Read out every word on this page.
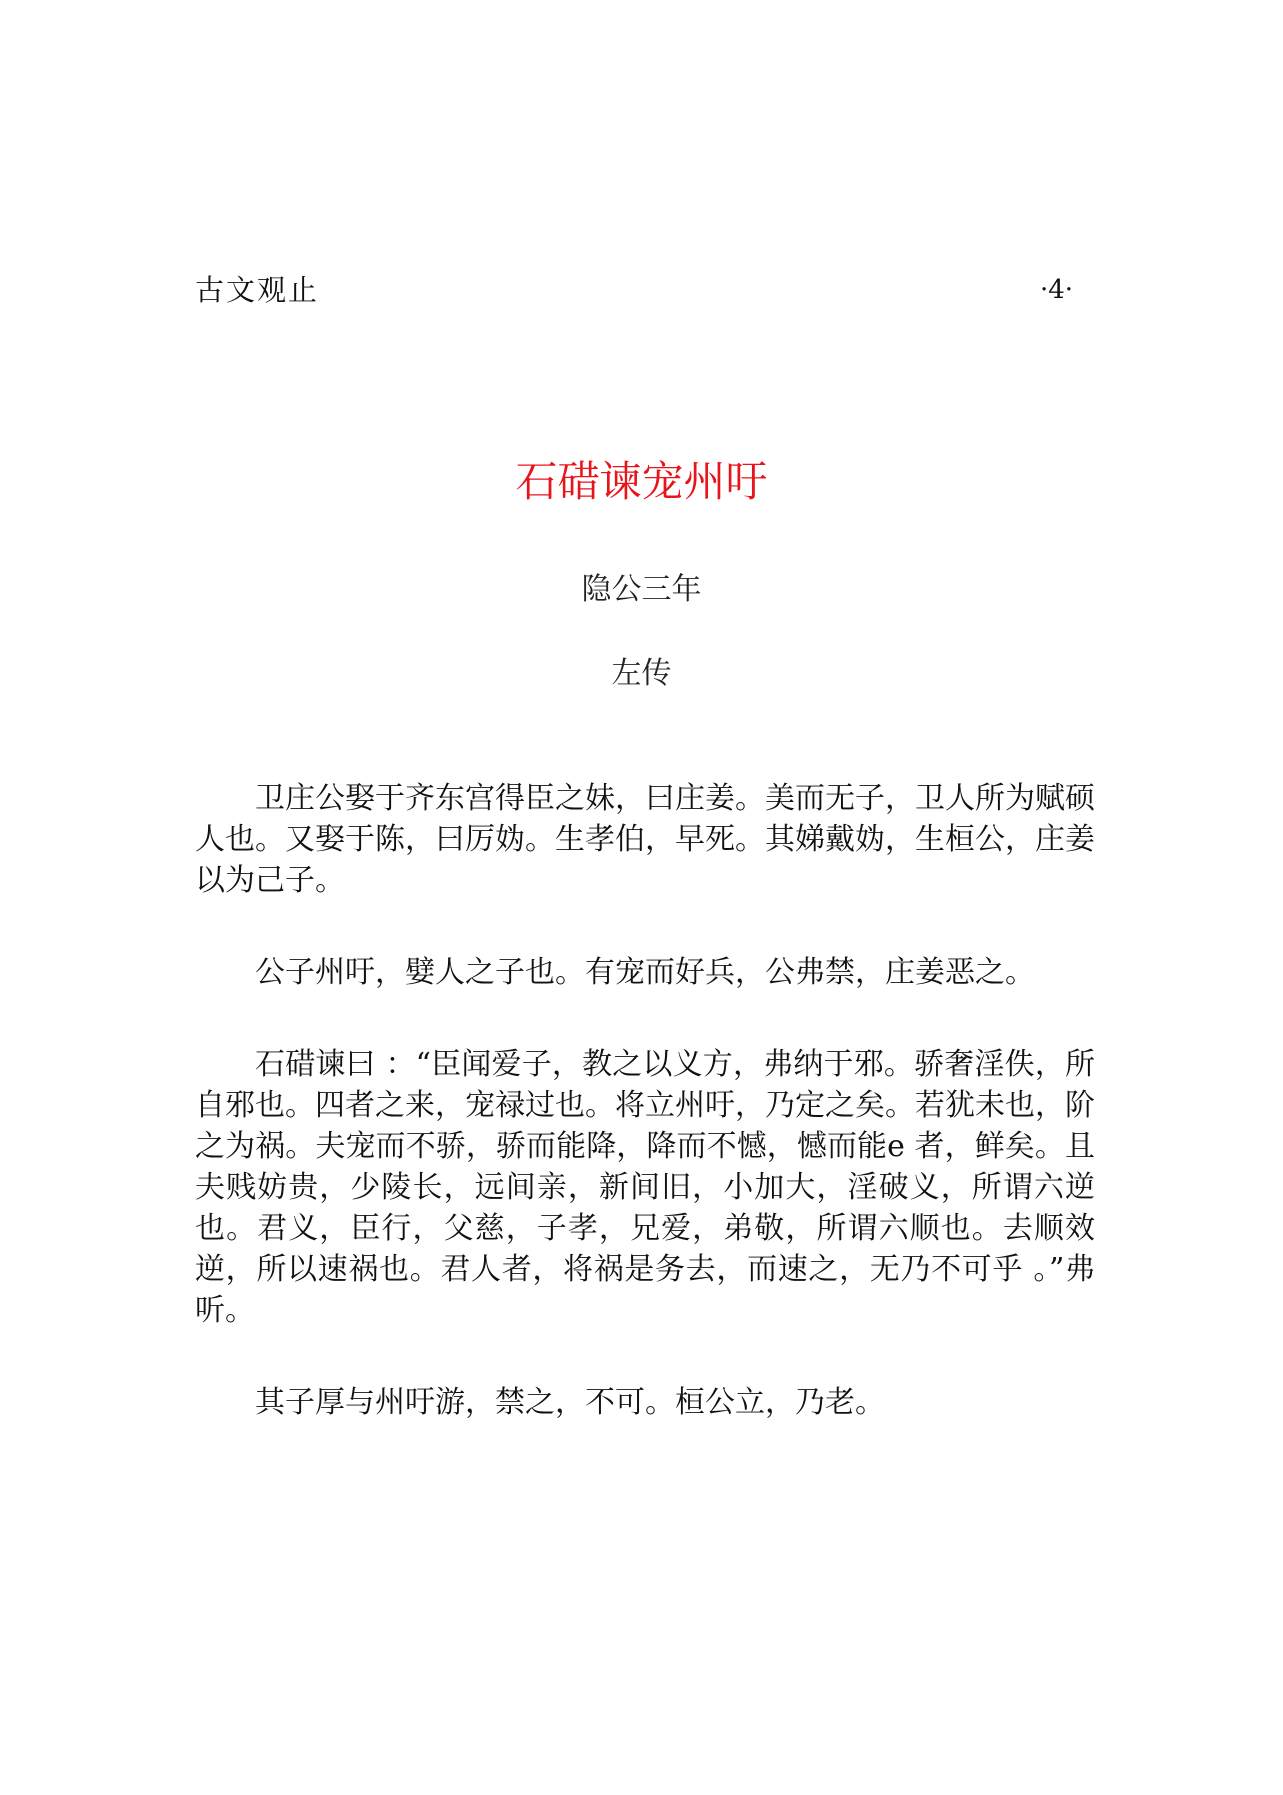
古文观止	·4·
石碏谏宠州吁
隐公三年
左传

卫庄公娶于齐东宫得臣之妹，曰庄姜。美而无子，卫人所为赋硕人也。又娶于陈，曰厉妫。生孝伯，早死。其娣戴妫，生桓公，庄姜以为己子。

公子州吁，嬖人之子也。有宠而好兵，公弗禁，庄姜恶之。

石碏谏曰 ：“臣闻爱子，教之以义方，弗纳于邪。骄奢淫佚，所自邪也。四者之来，宠禄过也。将立州吁，乃定之矣。若犹未也，阶之为祸。夫宠而不骄，骄而能降，降而不憾，憾而能e 者，鲜矣。且夫贱妨贵，少陵长，远间亲，新间旧，小加大，淫破义，所谓六逆也。君义，臣行，父慈，子孝，兄爱，弟敬，所谓六顺也。去顺效逆，所以速祸也。君人者，将祸是务去，而速之，无乃不可乎 。”弗听。

其子厚与州吁游，禁之，不可。桓公立，乃老。
